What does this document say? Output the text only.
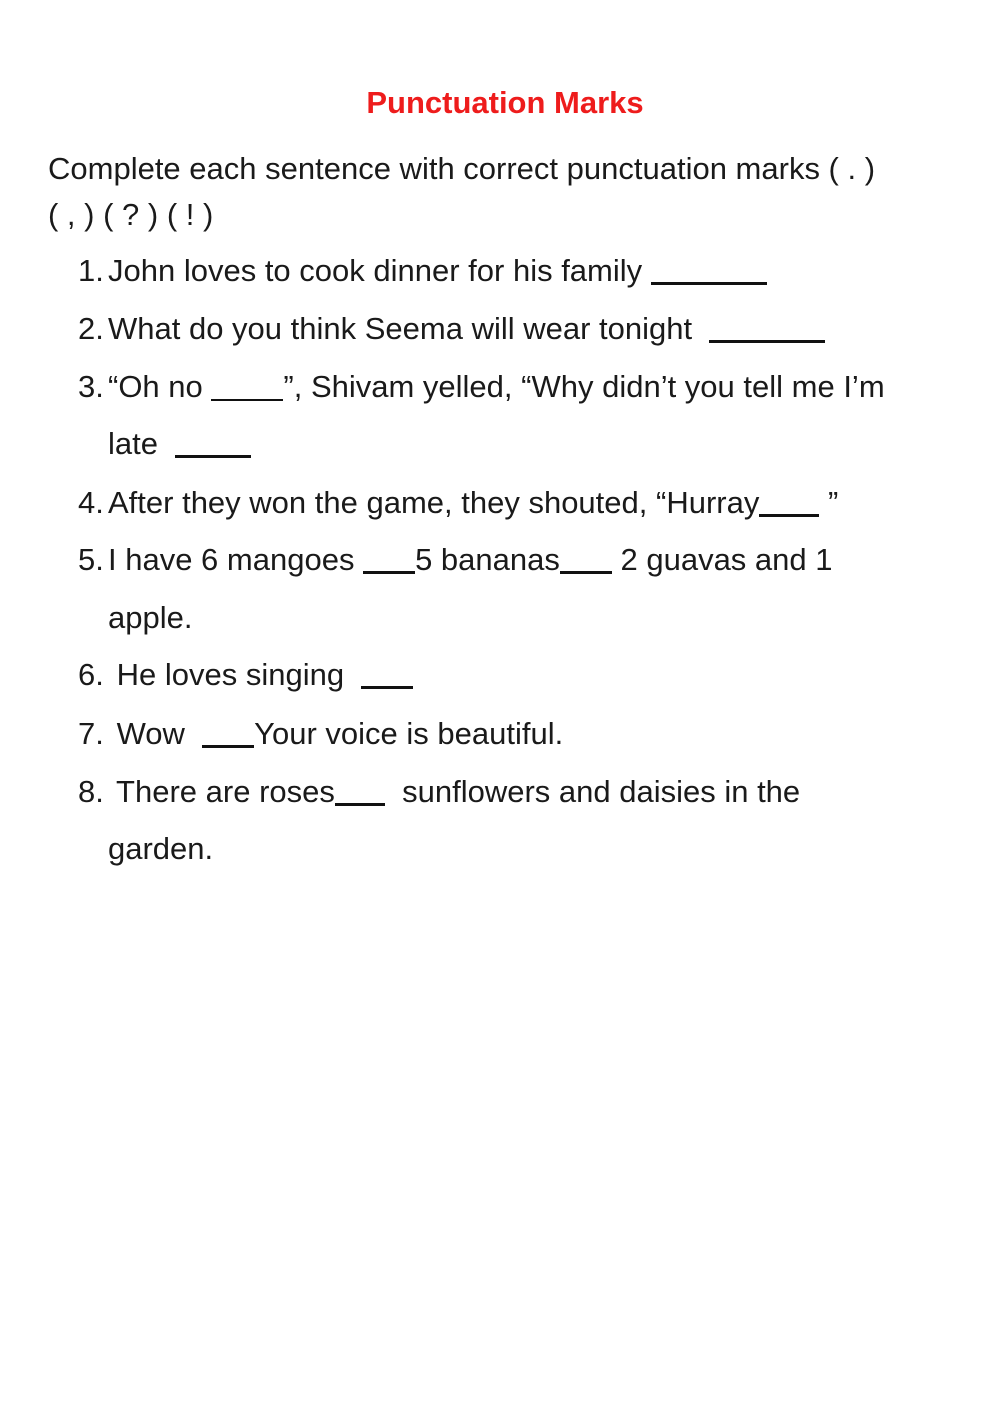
Punctuation Marks
Complete each sentence with correct punctuation marks ( . )
( , ) ( ? ) ( ! )
1. John loves to cook dinner for his family
2. What do you think Seema will wear tonight
3. “Oh no ”, Shivam yelled, “Why didn’t you tell me I’m
late
4. After they won the game, they shouted, “Hurray ”
5. I have 6 mangoes 5 bananas 2 guavas and 1
apple.
6. He loves singing
7. Wow  Your voice is beautiful.
8. There are roses  sunflowers and daisies in the
garden.
